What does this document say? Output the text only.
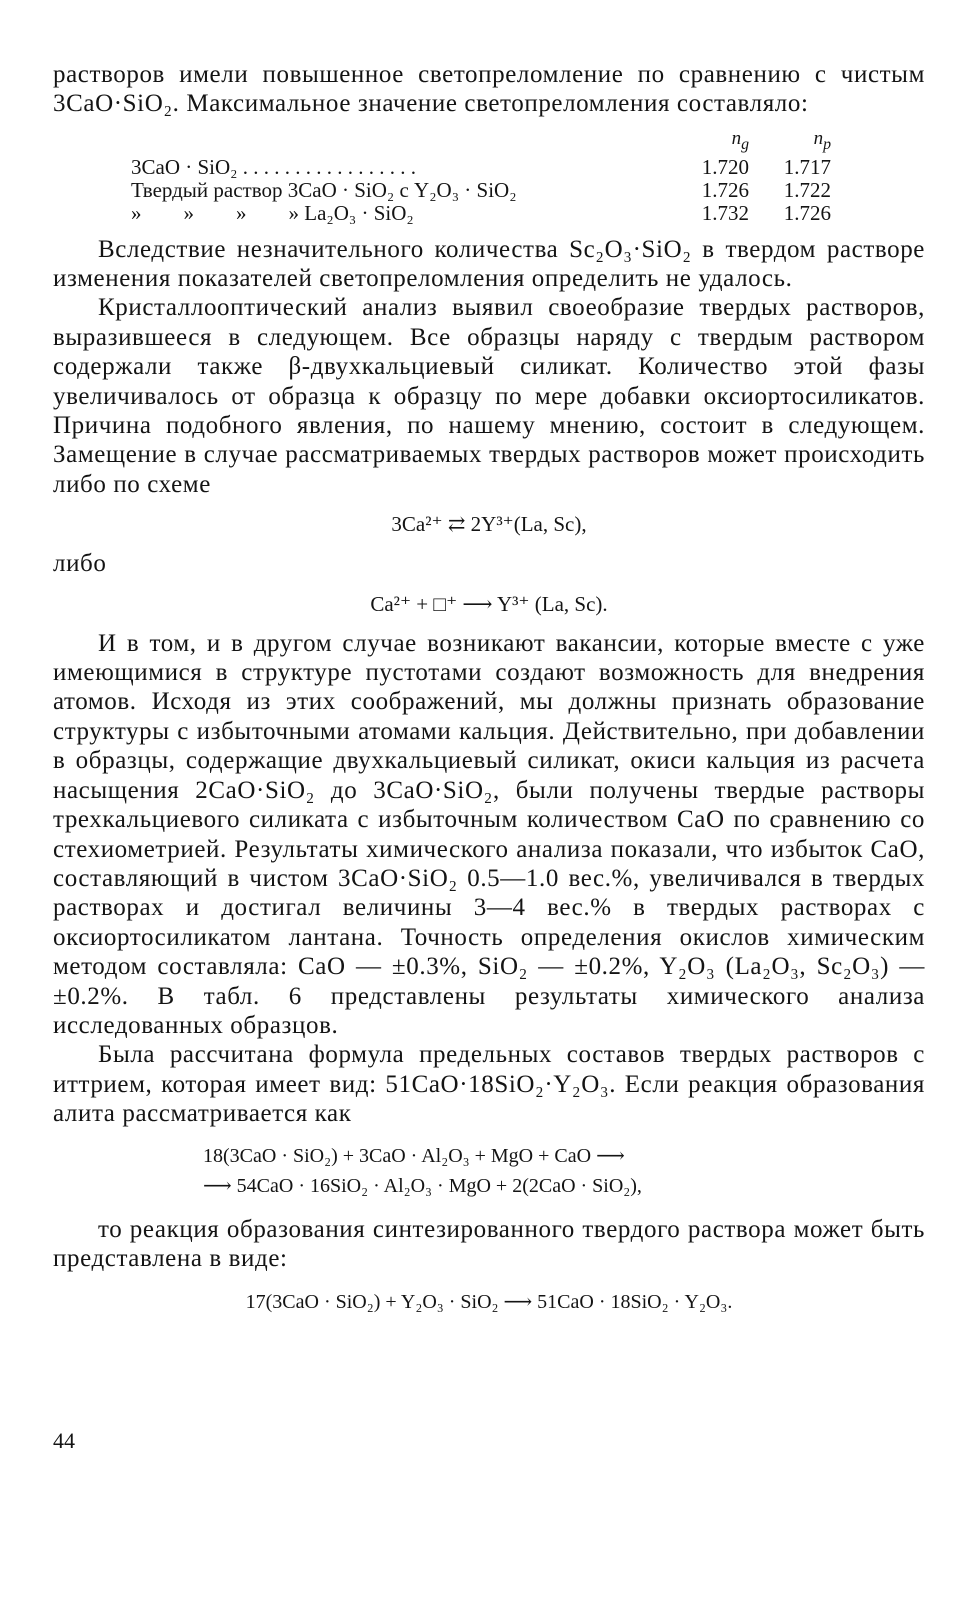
растворов имели повышенное светопреломление по сравнению с чистым 3CaO·SiO₂. Максимальное значение светопреломления составляло:

	$n_g$	$n_p$
3CaO · SiO₂ . . . . . . . . . . . . . . . . .	1.720	1.717
Твердый раствор 3CaO · SiO₂ с Y₂O₃ · SiO₂	1.726	1.722
»        »        »        » La₂O₃ · SiO₂	1.732	1.726

Вследствие незначительного количества Sc₂O₃·SiO₂ в твердом растворе изменения показателей светопреломления определить не удалось.

Кристаллооптический анализ выявил своеобразие твердых растворов, выразившееся в следующем. Все образцы наряду с твердым раствором содержали также β-двухкальциевый силикат. Количество этой фазы увеличивалось от образца к образцу по мере добавки оксиортосиликатов. Причина подобного явления, по нашему мнению, состоит в следующем. Замещение в случае рассматриваемых твердых растворов может происходить либо по схеме

3Ca²⁺ ⇄ 2Y³⁺(La, Sc),
либо
Ca²⁺ + □⁺ ⟶ Y³⁺ (La, Sc).

И в том, и в другом случае возникают вакансии, которые вместе с уже имеющимися в структуре пустотами создают возможность для внедрения атомов. Исходя из этих соображений, мы должны признать образование структуры с избыточными атомами кальция. Действительно, при добавлении в образцы, содержащие двухкальциевый силикат, окиси кальция из расчета насыщения 2CaO·SiO₂ до 3CaO·SiO₂, были получены твердые растворы трехкальциевого силиката с избыточным количеством CaO по сравнению со стехиометрией. Результаты химического анализа показали, что избыток CaO, составляющий в чистом 3CaO·SiO₂ 0.5—1.0 вес.%, увеличивался в твердых растворах и достигал величины 3—4 вес.% в твердых растворах с оксиортосиликатом лантана. Точность определения окислов химическим методом составляла: CaO — ±0.3%, SiO₂ — ±0.2%, Y₂O₃ (La₂O₃, Sc₂O₃) — ±0.2%. В табл. 6 представлены результаты химического анализа исследованных образцов.

Была рассчитана формула предельных составов твердых растворов с иттрием, которая имеет вид: 51CaO·18SiO₂·Y₂O₃. Если реакция образования алита рассматривается как

18(3CaO · SiO₂) + 3CaO · Al₂O₃ + MgO + CaO ⟶
⟶ 54CaO · 16SiO₂ · Al₂O₃ · MgO + 2(2CaO · SiO₂),

то реакция образования синтезированного твердого раствора может быть представлена в виде:

17(3CaO · SiO₂) + Y₂O₃ · SiO₂ ⟶ 51CaO · 18SiO₂ · Y₂O₃.
44
